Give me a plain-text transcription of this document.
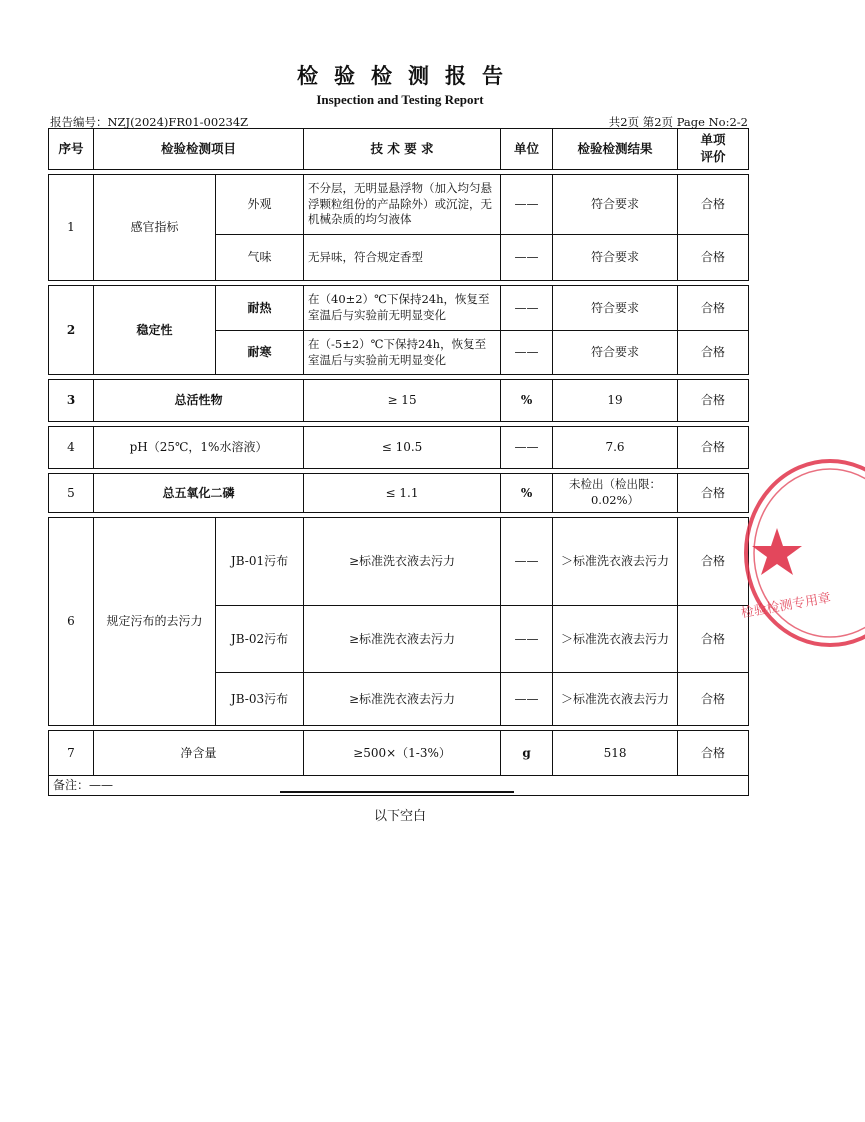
检验检测报告
Inspection and Testing Report
报告编号：NZJ(2024)FR01-00234Z	共2页 第2页 Page No:2-2
序号	检验检测项目		技 术 要 求	单位	检验检测结果	单项
评价

1	感官指标	外观	不分层，无明显悬浮物（加入均匀悬浮颗粒组份的产品除外）或沉淀，无机械杂质的均匀液体	——	符合要求	合格
		气味	无异味，符合规定香型	——	符合要求	合格

2	稳定性	耐热	在（40±2）℃下保持24h，恢复至室温后与实验前无明显变化	——	符合要求	合格
		耐寒	在（-5±2）℃下保持24h，恢复至室温后与实验前无明显变化	——	符合要求	合格

3	总活性物		≥ 15	%	19	合格

4	pH（25℃，1%水溶液）		≤ 10.5	——	7.6	合格

5	总五氧化二磷		≤ 1.1	%	未检出（检出限：0.02%）	合格

6	规定污布的去污力	JB-01污布	≥标准洗衣液去污力	——	＞标准洗衣液去污力	合格
		JB-02污布	≥标准洗衣液去污力	——	＞标准洗衣液去污力	合格
		JB-03污布	≥标准洗衣液去污力	——	＞标准洗衣液去污力	合格

7	净含量		≥500×（1-3%）	g	518	合格
备注：——						
以下空白
检验检测专用章
